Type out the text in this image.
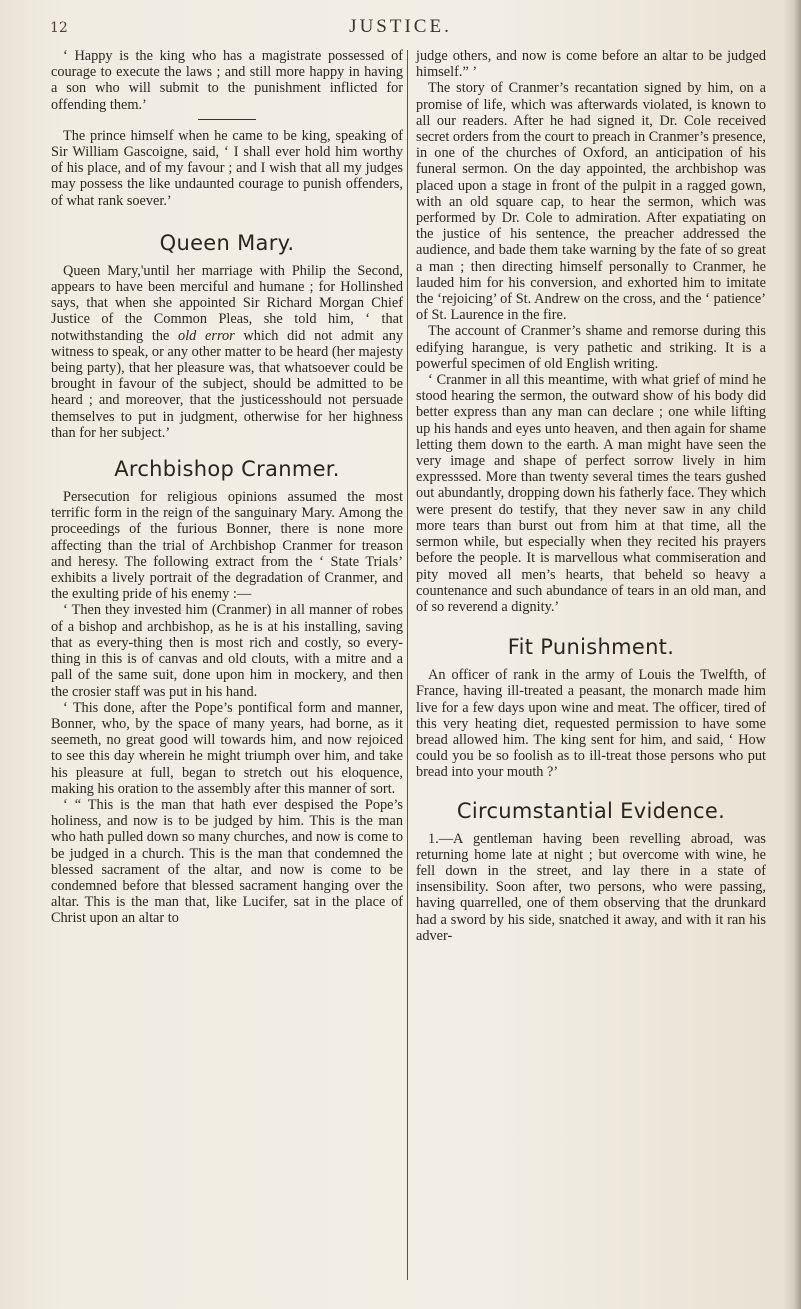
12	JUSTICE.

‘ Happy is the king who has a magistrate possessed of courage to execute the laws ; and still more happy in having a son who will submit to the punishment inflicted for offending them.’

The prince himself when he came to be king, speaking of Sir William Gascoigne, said, ‘ I shall ever hold him worthy of his place, and of my favour ; and I wish that all my judges may possess the like undaunted courage to punish offenders, of what rank soever.’

Queen Mary.

Queen Mary,'until her marriage with Philip the Second, appears to have been merciful and humane ; for Hollinshed says, that when she appointed Sir Richard Morgan Chief Justice of the Common Pleas, she told him, ‘ that notwithstanding the old error which did not admit any witness to speak, or any other matter to be heard (her majesty being party), that her pleasure was, that whatsoever could be brought in favour of the subject, should be admitted to be heard ; and moreover, that the justicesshould not persuade themselves to put in judgment, otherwise for her highness than for her subject.’

Archbishop Cranmer.

Persecution for religious opinions assumed the most terrific form in the reign of the sanguinary Mary. Among the proceedings of the furious Bonner, there is none more affecting than the trial of Archbishop Cranmer for treason and heresy. The following extract from the ‘ State Trials’ exhibits a lively portrait of the degradation of Cranmer, and the exulting pride of his enemy :—

‘ Then they invested him (Cranmer) in all manner of robes of a bishop and archbishop, as he is at his installing, saving that as every-thing then is most rich and costly, so every-thing in this is of canvas and old clouts, with a mitre and a pall of the same suit, done upon him in mockery, and then the crosier staff was put in his hand.

‘ This done, after the Pope’s pontifical form and manner, Bonner, who, by the space of many years, had borne, as it seemeth, no great good will towards him, and now rejoiced to see this day wherein he might triumph over him, and take his pleasure at full, began to stretch out his eloquence, making his oration to the assembly after this manner of sort.

‘ “ This is the man that hath ever despised the Pope’s holiness, and now is to be judged by him. This is the man who hath pulled down so many churches, and now is come to be judged in a church. This is the man that condemned the blessed sacrament of the altar, and now is come to be condemned before that blessed sacrament hanging over the altar. This is the man that, like Lucifer, sat in the place of Christ upon an altar to

judge others, and now is come before an altar to be judged himself.” ’

The story of Cranmer’s recantation signed by him, on a promise of life, which was afterwards violated, is known to all our readers. After he had signed it, Dr. Cole received secret orders from the court to preach in Cranmer’s presence, in one of the churches of Oxford, an anticipation of his funeral sermon. On the day appointed, the archbishop was placed upon a stage in front of the pulpit in a ragged gown, with an old square cap, to hear the sermon, which was performed by Dr. Cole to admiration. After expatiating on the justice of his sentence, the preacher addressed the audience, and bade them take warning by the fate of so great a man ; then directing himself personally to Cranmer, he lauded him for his conversion, and exhorted him to imitate the ‘rejoicing’ of St. Andrew on the cross, and the ‘ patience’ of St. Laurence in the fire.

The account of Cranmer’s shame and remorse during this edifying harangue, is very pathetic and striking. It is a powerful specimen of old English writing.

‘ Cranmer in all this meantime, with what grief of mind he stood hearing the sermon, the outward show of his body did better express than any man can declare ; one while lifting up his hands and eyes unto heaven, and then again for shame letting them down to the earth. A man might have seen the very image and shape of perfect sorrow lively in him expresssed. More than twenty several times the tears gushed out abundantly, dropping down his fatherly face. They which were present do testify, that they never saw in any child more tears than burst out from him at that time, all the sermon while, but especially when they recited his prayers before the people. It is marvellous what commiseration and pity moved all men’s hearts, that beheld so heavy a countenance and such abundance of tears in an old man, and of so reverend a dignity.’

Fit Punishment.

An officer of rank in the army of Louis the Twelfth, of France, having ill-treated a peasant, the monarch made him live for a few days upon wine and meat. The officer, tired of this very heating diet, requested permission to have some bread allowed him. The king sent for him, and said, ‘ How could you be so foolish as to ill-treat those persons who put bread into your mouth ?’

Circumstantial Evidence.

1.—A gentleman having been revelling abroad, was returning home late at night ; but overcome with wine, he fell down in the street, and lay there in a state of insensibility. Soon after, two persons, who were passing, having quarrelled, one of them observing that the drunkard had a sword by his side, snatched it away, and with it ran his adver-
